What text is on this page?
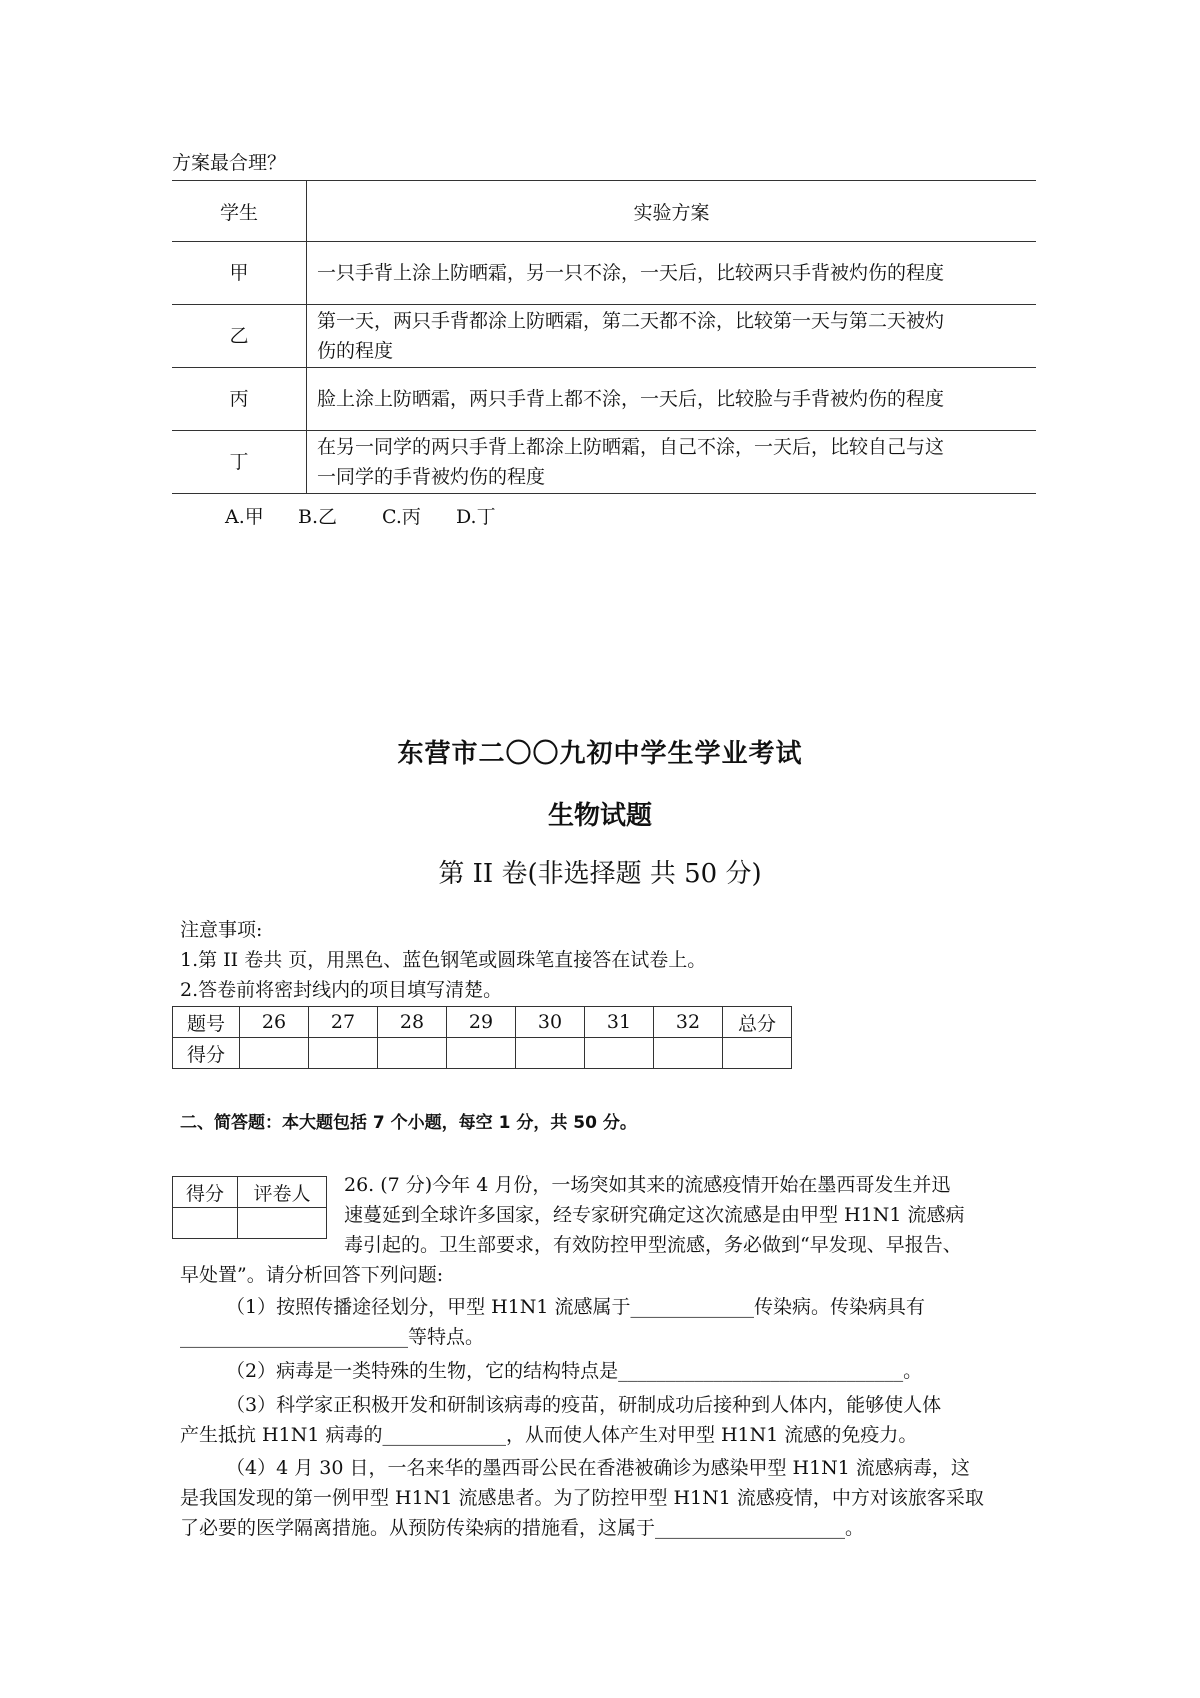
方案最合理？
学生	实验方案
甲	一只手背上涂上防晒霜，另一只不涂，一天后，比较两只手背被灼伤的程度

乙	第一天，两只手背都涂上防晒霜，第二天都不涂，比较第一天与第二天被灼
伤的程度

丙	脸上涂上防晒霜，两只手背上都不涂，一天后，比较脸与手背被灼伤的程度

丁	在另一同学的两只手背上都涂上防晒霜，自己不涂，一天后，比较自己与这
一同学的手背被灼伤的程度
A.甲 B.乙 C.丙 D.丁
东营市二〇〇九初中学生学业考试
生物试题
第 II 卷(非选择题 共 50 分)
注意事项:
1.第 II 卷共 页，用黑色、蓝色钢笔或圆珠笔直接答在试卷上。
2.答卷前将密封线内的项目填写清楚。
题号	26	27	28	29	30	31	32	总分
得分								
二、简答题：本大题包括 7 个小题，每空 1 分，共 50 分。
得分	评卷人
	26. (7 分)今年 4 月份，一场突如其来的流感疫情开始在墨西哥发生并迅
速蔓延到全球许多国家，经专家研究确定这次流感是由甲型 H1N1 流感病
毒引起的。卫生部要求，有效防控甲型流感，务必做到“早发现、早报告、
早处置”。请分析回答下列问题:
（1）按照传播途径划分，甲型 H1N1 流感属于_____________传染病。传染病具有
________________________等特点。
（2）病毒是一类特殊的生物，它的结构特点是______________________________。
（3）科学家正积极开发和研制该病毒的疫苗，研制成功后接种到人体内，能够使人体
产生抵抗 H1N1 病毒的_____________，从而使人体产生对甲型 H1N1 流感的免疫力。
（4）4 月 30 日，一名来华的墨西哥公民在香港被确诊为感染甲型 H1N1 流感病毒，这
是我国发现的第一例甲型 H1N1 流感患者。为了防控甲型 H1N1 流感疫情，中方对该旅客采取
了必要的医学隔离措施。从预防传染病的措施看，这属于____________________。
